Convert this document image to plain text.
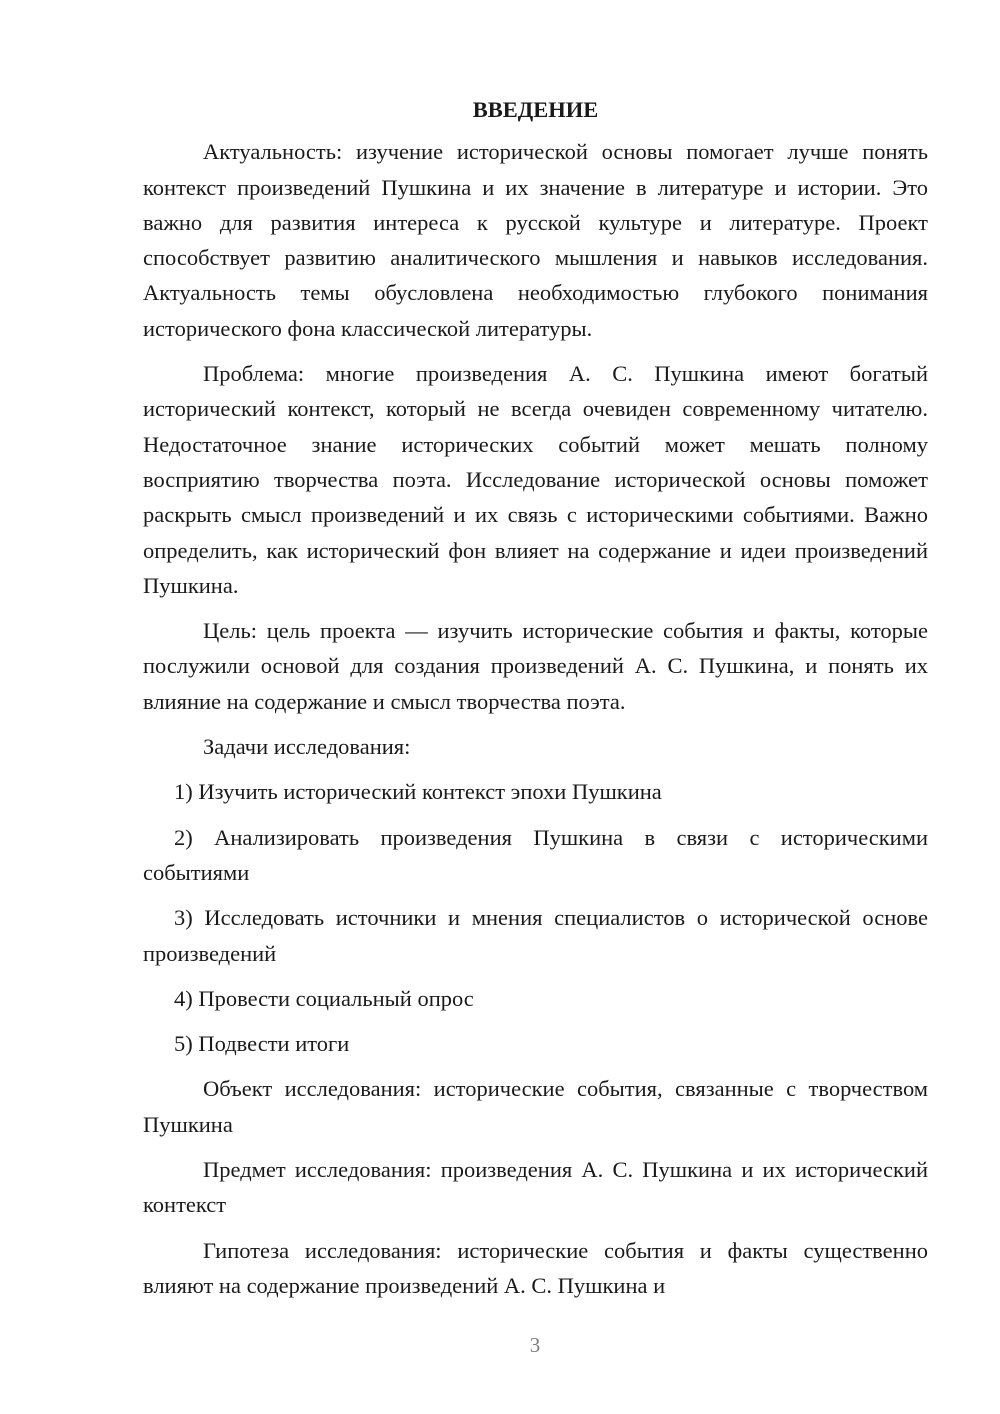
ВВЕДЕНИЕ

Актуальность: изучение исторической основы помогает лучше понять контекст произведений Пушкина и их значение в литературе и истории. Это важно для развития интереса к русской культуре и литературе. Проект способствует развитию аналитического мышления и навыков исследования. Актуальность темы обусловлена необходимостью глубокого понимания исторического фона классической литературы.

Проблема: многие произведения А. С. Пушкина имеют богатый исторический контекст, который не всегда очевиден современному читателю. Недостаточное знание исторических событий может мешать полному восприятию творчества поэта. Исследование исторической основы поможет раскрыть смысл произведений и их связь с историческими событиями. Важно определить, как исторический фон влияет на содержание и идеи произведений Пушкина.

Цель: цель проекта — изучить исторические события и факты, которые послужили основой для создания произведений А. С. Пушкина, и понять их влияние на содержание и смысл творчества поэта.

Задачи исследования:

1) Изучить исторический контекст эпохи Пушкина

2) Анализировать произведения Пушкина в связи с историческими событиями

3) Исследовать источники и мнения специалистов о исторической основе произведений

4) Провести социальный опрос

5) Подвести итоги

Объект исследования: исторические события, связанные с творчеством Пушкина

Предмет исследования: произведения А. С. Пушкина и их исторический контекст

Гипотеза исследования: исторические события и факты существенно влияют на содержание произведений А. С. Пушкина и

3
